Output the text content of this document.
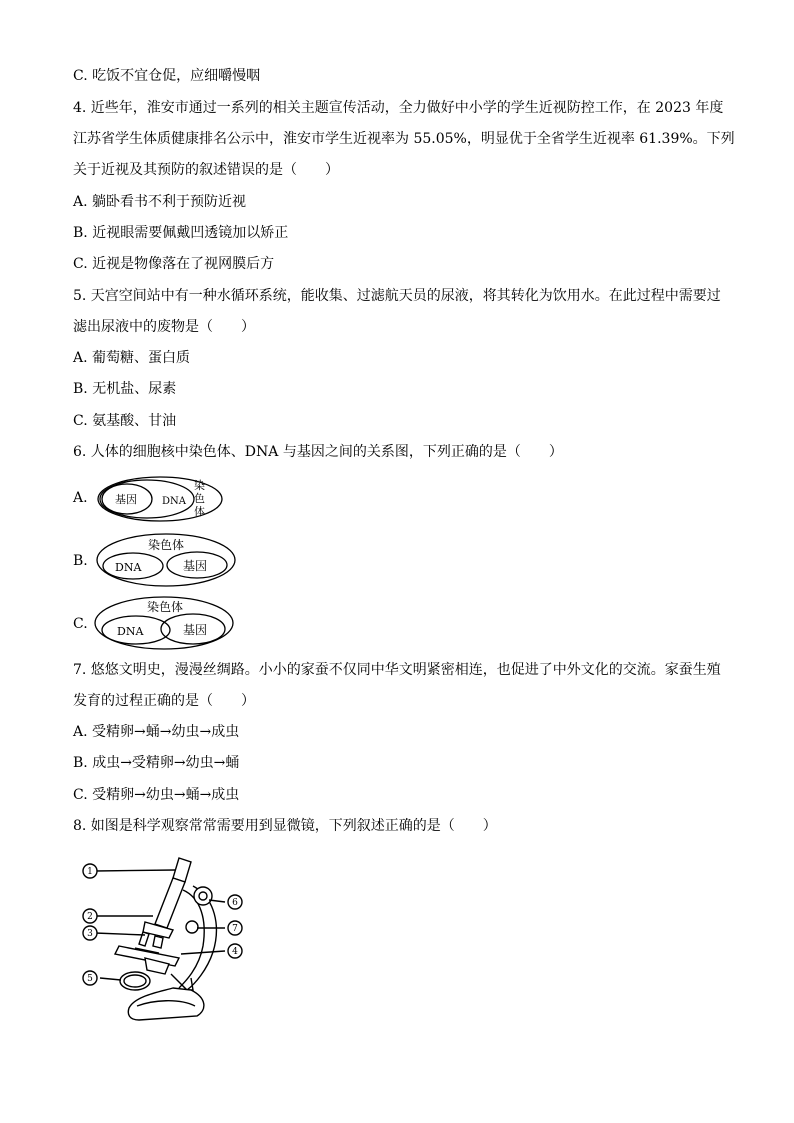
C. 吃饭不宜仓促，应细嚼慢咽
4. 近些年，淮安市通过一系列的相关主题宣传活动，全力做好中小学的学生近视防控工作，在 2023 年度
江苏省学生体质健康排名公示中，淮安市学生近视率为 55.05%，明显优于全省学生近视率 61.39%。下列
关于近视及其预防的叙述错误的是（　　）
A. 躺卧看书不利于预防近视
B. 近视眼需要佩戴凹透镜加以矫正
C. 近视是物像落在了视网膜后方
5. 天宫空间站中有一种水循环系统，能收集、过滤航天员的尿液，将其转化为饮用水。在此过程中需要过
滤出尿液中的废物是（　　）
A. 葡萄糖、蛋白质
B. 无机盐、尿素
C. 氨基酸、甘油
6. 人体的细胞核中染色体、DNA 与基因之间的关系图，下列正确的是（　　）
A.
B.
C.
基因	DNA
染
色
体
染色体
DNA	基因
染色体
DNA	基因
7. 悠悠文明史，漫漫丝绸路。小小的家蚕不仅同中华文明紧密相连，也促进了中外文化的交流。家蚕生殖
发育的过程正确的是（　　）
A. 受精卵→蛹→幼虫→成虫
B. 成虫→受精卵→幼虫→蛹
C. 受精卵→幼虫→蛹→成虫
8. 如图是科学观察常常需要用到显微镜，下列叙述正确的是（　　）
1
2
3
4
5
6
7
